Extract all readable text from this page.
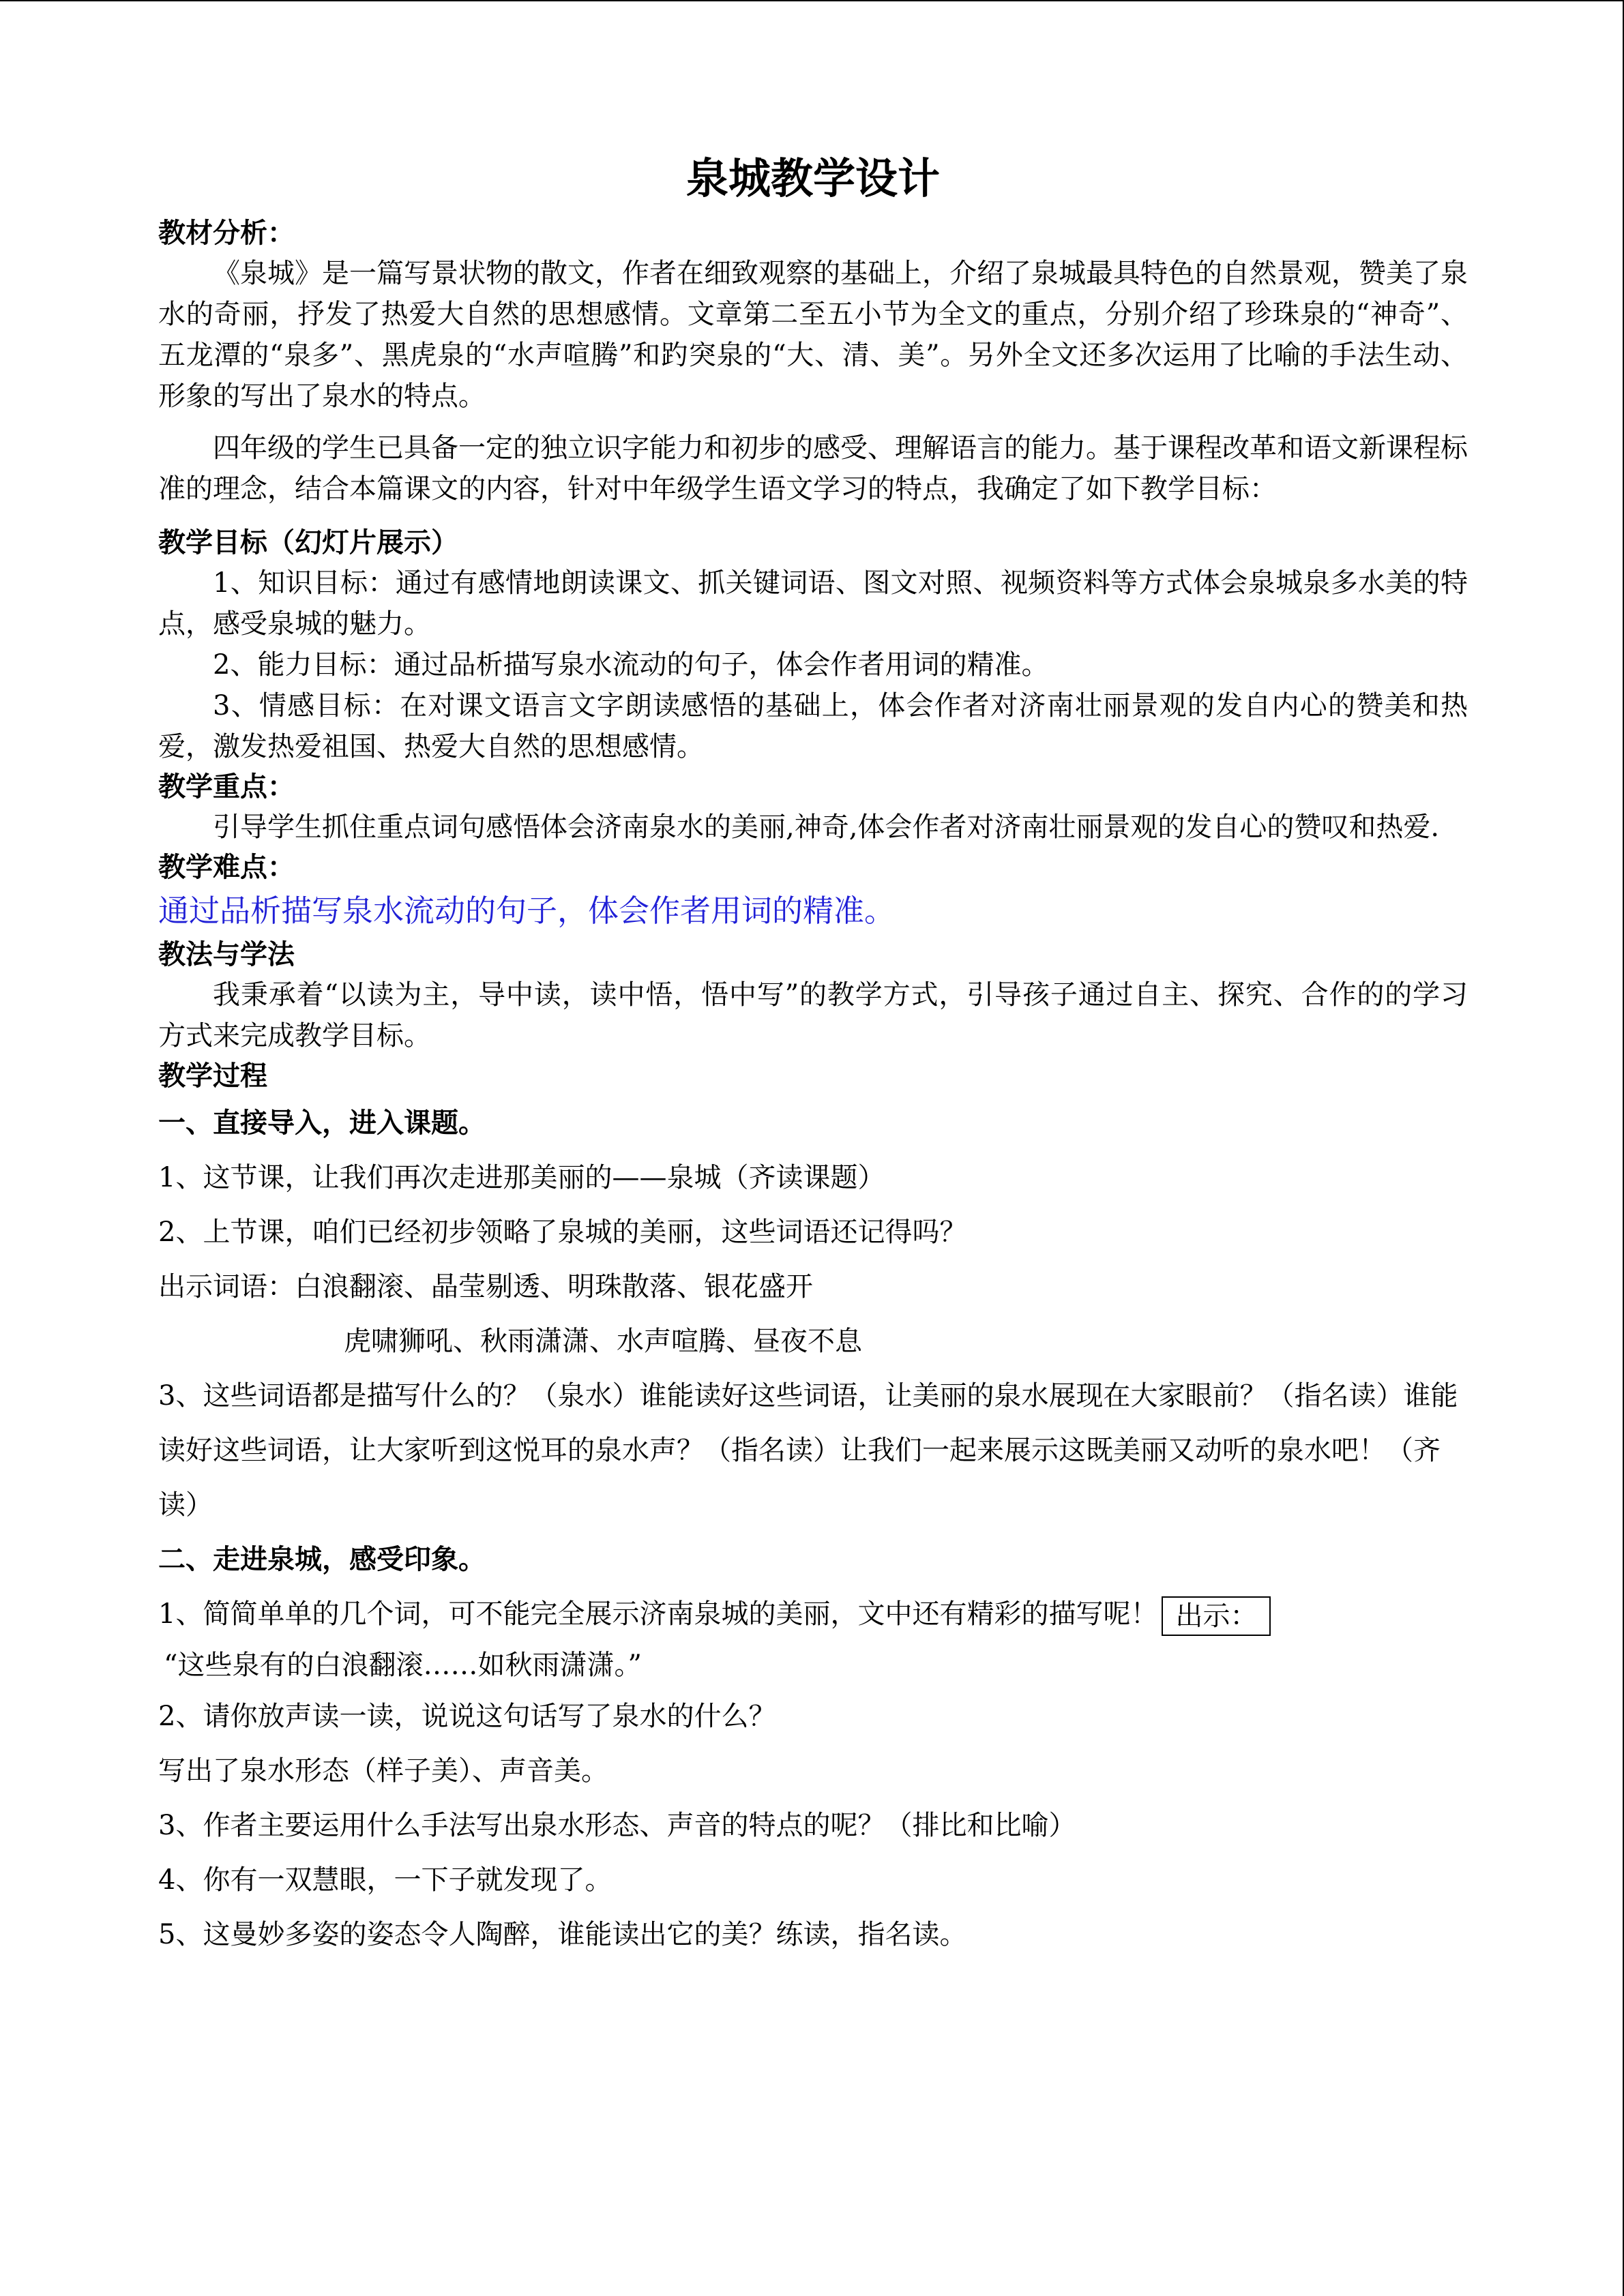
泉城教学设计

教材分析：

《泉城》是一篇写景状物的散文，作者在细致观察的基础上，介绍了泉城最具特色的自然景观，赞美了泉水的奇丽，抒发了热爱大自然的思想感情。文章第二至五小节为全文的重点，分别介绍了珍珠泉的“神奇”、五龙潭的“泉多”、黑虎泉的“水声喧腾”和趵突泉的“大、清、美”。另外全文还多次运用了比喻的手法生动、形象的写出了泉水的特点。

四年级的学生已具备一定的独立识字能力和初步的感受、理解语言的能力。基于课程改革和语文新课程标准的理念，结合本篇课文的内容，针对中年级学生语文学习的特点，我确定了如下教学目标：

教学目标（幻灯片展示）

1、知识目标：通过有感情地朗读课文、抓关键词语、图文对照、视频资料等方式体会泉城泉多水美的特点，感受泉城的魅力。

2、能力目标：通过品析描写泉水流动的句子，体会作者用词的精准。

3、情感目标：在对课文语言文字朗读感悟的基础上，体会作者对济南壮丽景观的发自内心的赞美和热爱，激发热爱祖国、热爱大自然的思想感情。

教学重点：

引导学生抓住重点词句感悟体会济南泉水的美丽,神奇,体会作者对济南壮丽景观的发自心的赞叹和热爱.

教学难点：

通过品析描写泉水流动的句子，体会作者用词的精准。

教法与学法

我秉承着“以读为主，导中读，读中悟，悟中写”的教学方式，引导孩子通过自主、探究、合作的的学习方式来完成教学目标。

教学过程

一、直接导入，进入课题。

1、这节课，让我们再次走进那美丽的——泉城（齐读课题）

2、上节课，咱们已经初步领略了泉城的美丽，这些词语还记得吗？

出示词语：白浪翻滚、晶莹剔透、明珠散落、银花盛开

虎啸狮吼、秋雨潇潇、水声喧腾、昼夜不息

3、这些词语都是描写什么的？（泉水）谁能读好这些词语，让美丽的泉水展现在大家眼前？（指名读）谁能读好这些词语，让大家听到这悦耳的泉水声？（指名读）让我们一起来展示这既美丽又动听的泉水吧！（齐读）

二、走进泉城，感受印象。

1、简简单单的几个词，可不能完全展示济南泉城的美丽，文中还有精彩的描写呢！ 出示：

“这些泉有的白浪翻滚……如秋雨潇潇。”

2、请你放声读一读，说说这句话写了泉水的什么？

写出了泉水形态（样子美）、声音美。

3、作者主要运用什么手法写出泉水形态、声音的特点的呢？（排比和比喻）

4、你有一双慧眼，一下子就发现了。

5、这曼妙多姿的姿态令人陶醉，谁能读出它的美？练读，指名读。
